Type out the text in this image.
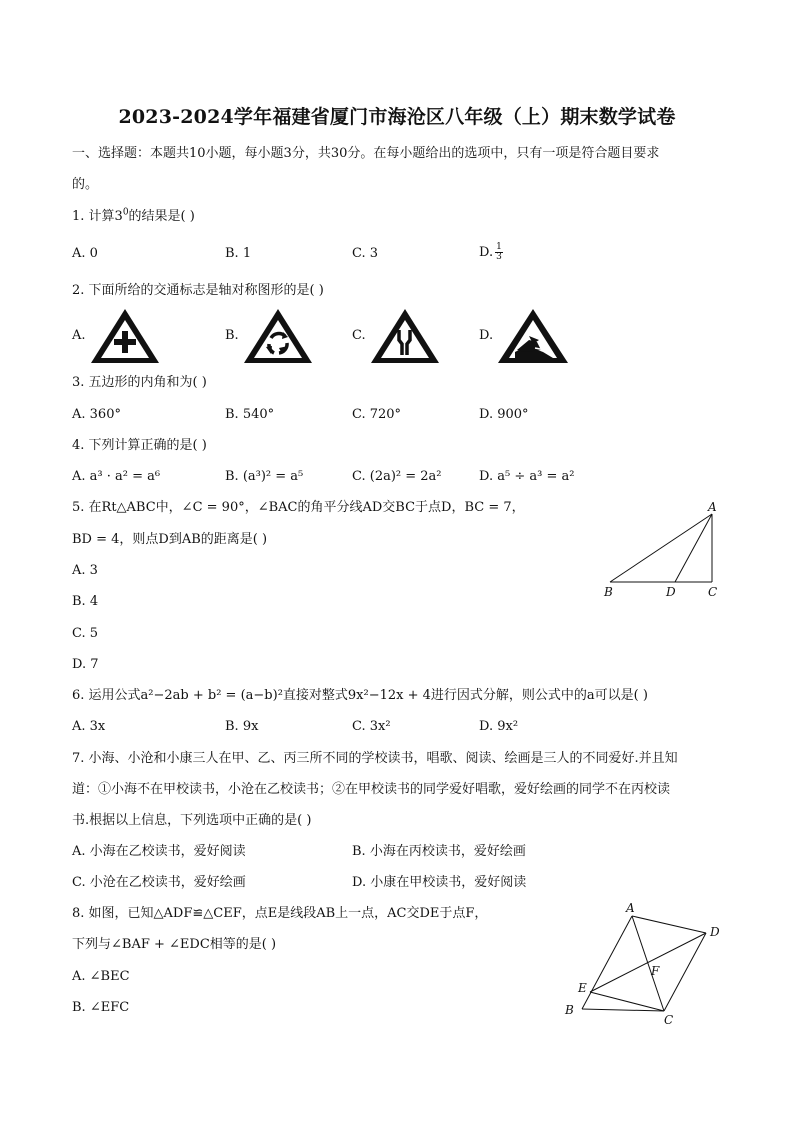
2023-2024学年福建省厦门市海沧区八年级（上）期末数学试卷
一、选择题：本题共10小题，每小题3分，共30分。在每小题给出的选项中，只有一项是符合题目要求
的。
1. 计算$3^0$的结果是( )
A. 0	B. 1	C. 3	D. $\frac{1}{3}$
2. 下面所给的交通标志是轴对称图形的是( )
A.	B.	C.	D.
3. 五边形的内角和为( )
A. 360°	B. 540°	C. 720°	D. 900°
4. 下列计算正确的是( )
A. a³ · a² = a⁶	B. (a³)² = a⁵	C. (2a)² = 2a²	D. a⁵ ÷ a³ = a²
5. 在Rt△ABC中，∠C = 90°，∠BAC的角平分线AD交BC于点D，BC = 7，
BD = 4，则点D到AB的距离是( )
A. 3
B. 4
C. 5
D. 7
A
B	D	C
6. 运用公式a²−2ab + b² = (a−b)²直接对整式9x²−12x + 4进行因式分解，则公式中的a可以是( )
A. 3x	B. 9x	C. 3x²	D. 9x²
7. 小海、小沧和小康三人在甲、乙、丙三所不同的学校读书，唱歌、阅读、绘画是三人的不同爱好.并且知
道：①小海不在甲校读书，小沧在乙校读书；②在甲校读书的同学爱好唱歌，爱好绘画的同学不在丙校读
书.根据以上信息，下列选项中正确的是( )
A. 小海在乙校读书，爱好阅读	B. 小海在丙校读书，爱好绘画
C. 小沧在乙校读书，爱好绘画	D. 小康在甲校读书，爱好阅读
8. 如图，已知△ADF≌△CEF，点E是线段AB上一点，AC交DE于点F，
下列与∠BAF + ∠EDC相等的是( )
A. ∠BEC
B. ∠EFC
A
D
F
E
B
C
